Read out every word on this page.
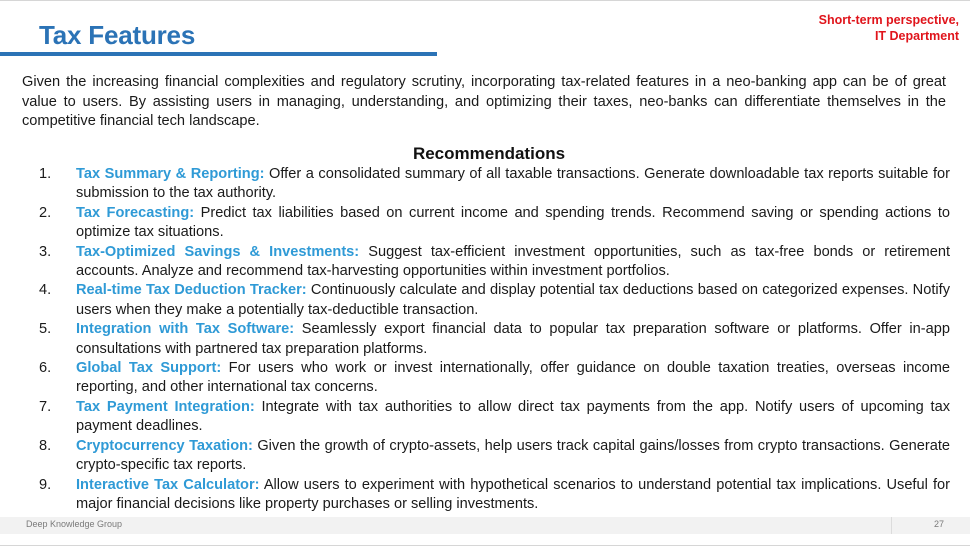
Tax Features	Short-term perspective,
IT Department

Given the increasing financial complexities and regulatory scrutiny, incorporating tax-related features in a neo-banking app can be of great value to users. By assisting users in managing, understanding, and optimizing their taxes, neo-banks can differentiate themselves in the competitive financial tech landscape.

Recommendations
1.	Tax Summary & Reporting: Offer a consolidated summary of all taxable transactions. Generate downloadable tax reports suitable for submission to the tax authority.
2.	Tax Forecasting: Predict tax liabilities based on current income and spending trends. Recommend saving or spending actions to optimize tax situations.
3.	Tax-Optimized Savings & Investments: Suggest tax-efficient investment opportunities, such as tax-free bonds or retirement accounts. Analyze and recommend tax-harvesting opportunities within investment portfolios.
4.	Real-time Tax Deduction Tracker: Continuously calculate and display potential tax deductions based on categorized expenses. Notify users when they make a potentially tax-deductible transaction.
5.	Integration with Tax Software: Seamlessly export financial data to popular tax preparation software or platforms. Offer in-app consultations with partnered tax preparation platforms.
6.	Global Tax Support: For users who work or invest internationally, offer guidance on double taxation treaties, overseas income reporting, and other international tax concerns.
7.	Tax Payment Integration: Integrate with tax authorities to allow direct tax payments from the app. Notify users of upcoming tax payment deadlines.
8.	Cryptocurrency Taxation: Given the growth of crypto-assets, help users track capital gains/losses from crypto transactions. Generate crypto-specific tax reports.
9.	Interactive Tax Calculator: Allow users to experiment with hypothetical scenarios to understand potential tax implications. Useful for major financial decisions like property purchases or selling investments.
Deep Knowledge Group	27
